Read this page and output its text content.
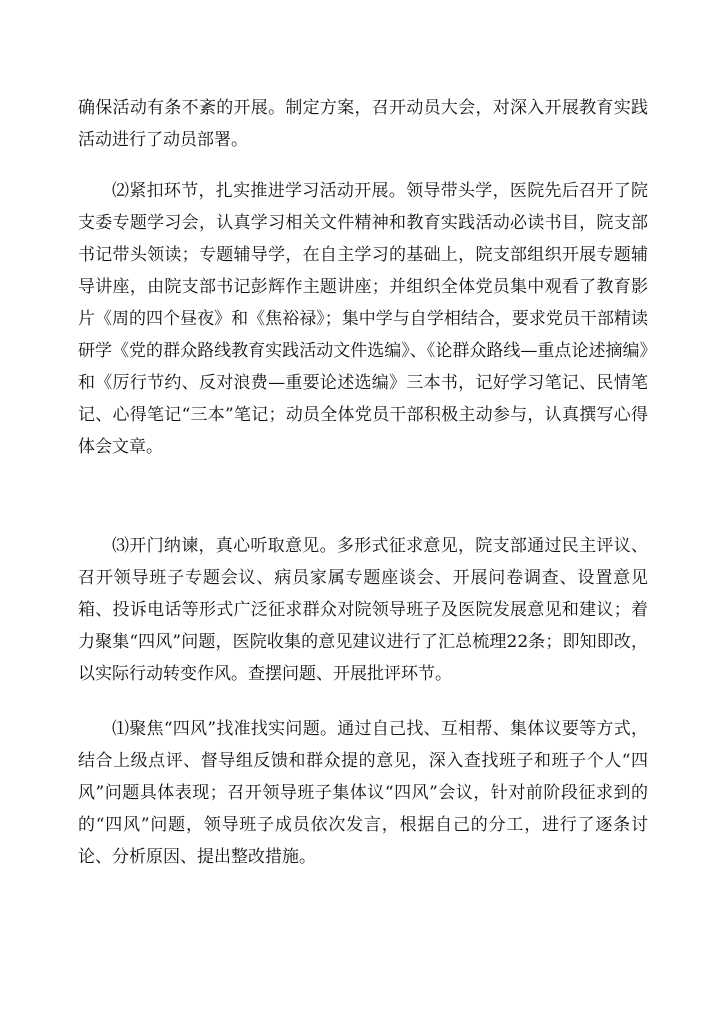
确保活动有条不紊的开展。制定方案，召开动员大会，对深入开展教育实践活动进行了动员部署。

⑵紧扣环节，扎实推进学习活动开展。领导带头学，医院先后召开了院支委专题学习会，认真学习相关文件精神和教育实践活动必读书目，院支部书记带头领读；专题辅导学，在自主学习的基础上，院支部组织开展专题辅导讲座，由院支部书记彭辉作主题讲座；并组织全体党员集中观看了教育影片《周的四个昼夜》和《焦裕禄》；集中学与自学相结合，要求党员干部精读研学《党的群众路线教育实践活动文件选编》、《论群众路线—重点论述摘编》和《厉行节约、反对浪费—重要论述选编》三本书，记好学习笔记、民情笔记、心得笔记“三本”笔记；动员全体党员干部积极主动参与，认真撰写心得体会文章。

⑶开门纳谏，真心听取意见。多形式征求意见，院支部通过民主评议、召开领导班子专题会议、病员家属专题座谈会、开展问卷调查、设置意见箱、投诉电话等形式广泛征求群众对院领导班子及医院发展意见和建议；着力聚集“四风”问题，医院收集的意见建议进行了汇总梳理22条；即知即改，以实际行动转变作风。查摆问题、开展批评环节。

⑴聚焦“四风”找准找实问题。通过自己找、互相帮、集体议要等方式，结合上级点评、督导组反馈和群众提的意见，深入查找班子和班子个人“四风”问题具体表现；召开领导班子集体议“四风”会议，针对前阶段征求到的的“四风”问题，领导班子成员依次发言，根据自己的分工，进行了逐条讨论、分析原因、提出整改措施。
